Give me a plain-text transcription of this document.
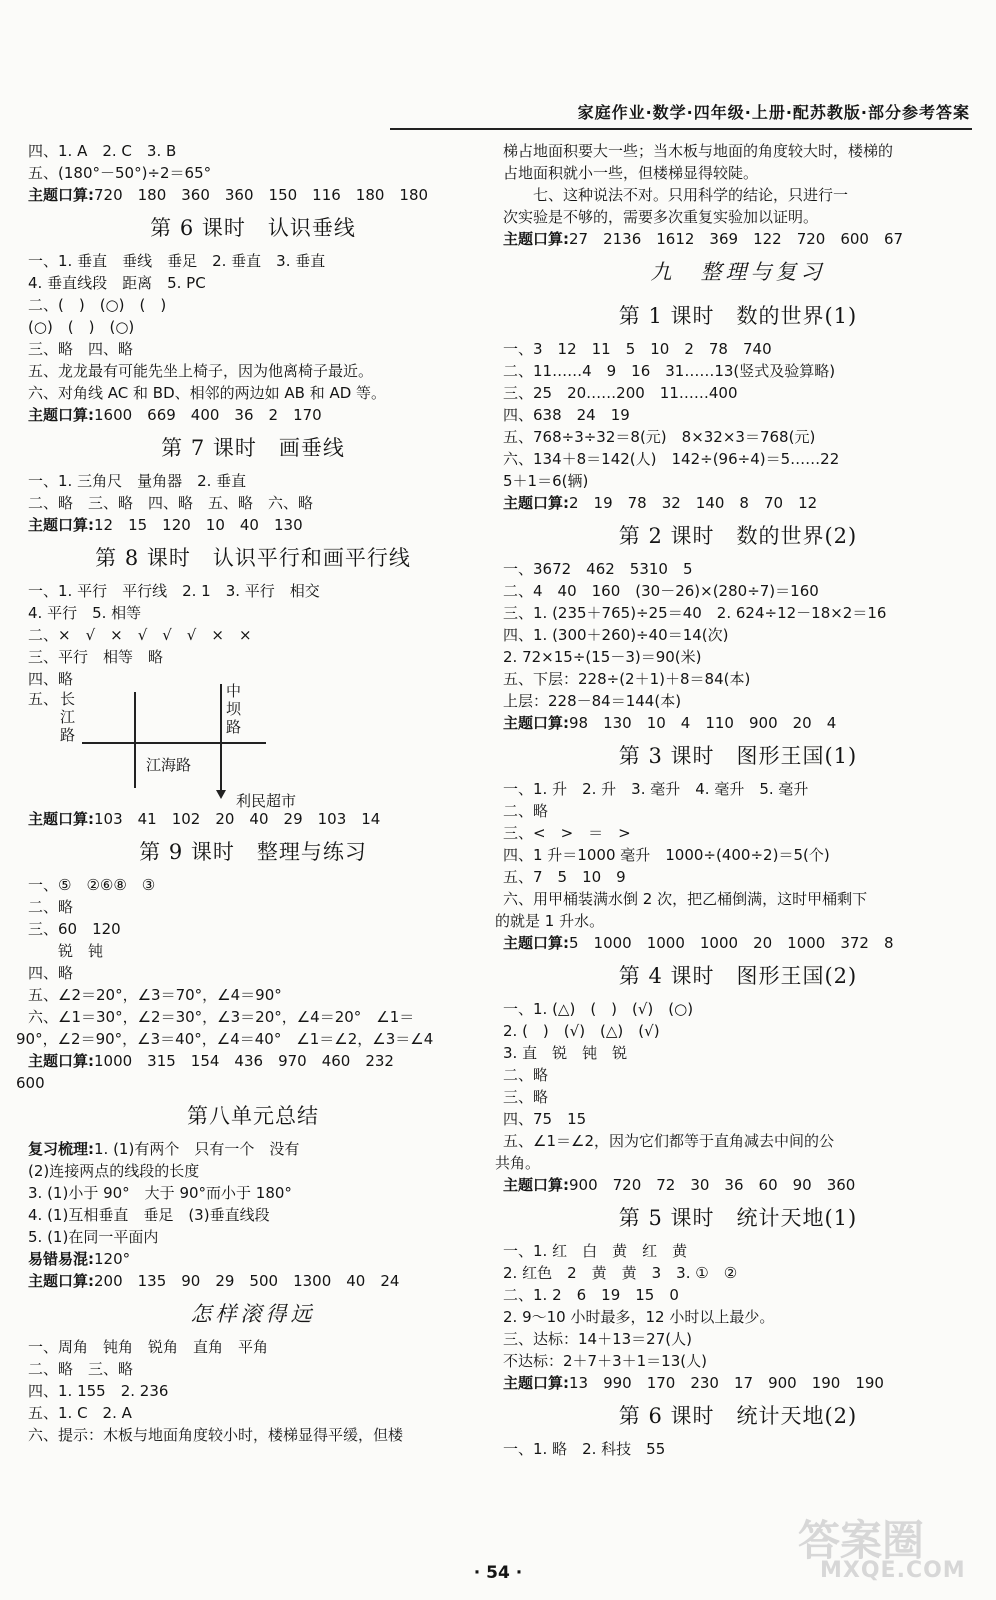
家庭作业·数学·四年级·上册·配苏教版·部分参考答案
四、1. A　2. C　3. B
五、(180°－50°)÷2＝65°
主题口算:720　180　360　360　150　116　180　180
第 6 课时　认识垂线
一、1. 垂直　垂线　垂足　2. 垂直　3. 垂直
4. 垂直线段　距离　5. PC
二、(　)　(○)　(　)
(○)　(　)　(○)
三、略　四、略
五、龙龙最有可能先坐上椅子，因为他离椅子最近。
六、对角线 AC 和 BD、相邻的两边如 AB 和 AD 等。
主题口算:1600　669　400　36　2　170
第 7 课时　画垂线
一、1. 三角尺　量角器　2. 垂直
二、略　三、略　四、略　五、略　六、略
主题口算:12　15　120　10　40　130
第 8 课时　认识平行和画平行线
一、1. 平行　平行线　2. 1　3. 平行　相交
4. 平行　5. 相等
二、×　√　×　√　√　√　×　×
三、平行　相等　略
四、略
五、 长江路
中坝路
江海路
利民超市
主题口算:103　41　102　20　40　29　103　14
第 9 课时　整理与练习
一、⑤　②⑥⑧　③
二、略
三、60　120
　　锐　钝
四、略
五、∠2＝20°，∠3＝70°，∠4＝90°
六、∠1＝30°，∠2＝30°，∠3＝20°，∠4＝20°　∠1＝
90°，∠2＝90°，∠3＝40°，∠4＝40°　∠1＝∠2，∠3＝∠4
主题口算:1000　315　154　436　970　460　232
600
第八单元总结
复习梳理:1. (1)有两个　只有一个　没有
(2)连接两点的线段的长度
3. (1)小于 90°　大于 90°而小于 180°
4. (1)互相垂直　垂足　(3)垂直线段
5. (1)在同一平面内
易错易混:120°
主题口算:200　135　90　29　500　1300　40　24
怎样滚得远
一、周角　钝角　锐角　直角　平角
二、略　三、略
四、1. 155　2. 236
五、1. C　2. A
六、提示：木板与地面角度较小时，楼梯显得平缓，但楼
梯占地面积要大一些；当木板与地面的角度较大时，楼梯的
占地面积就小一些，但楼梯显得较陡。
　　七、这种说法不对。只用科学的结论，只进行一
次实验是不够的，需要多次重复实验加以证明。
主题口算:27　2136　1612　369　122　720　600　67
九　整理与复习
第 1 课时　数的世界(1)
一、3　12　11　5　10　2　78　740
二、11……4　9　16　31……13(竖式及验算略)
三、25　20……200　11……400
四、638　24　19
五、768÷3÷32＝8(元)　8×32×3＝768(元)
六、134＋8＝142(人)　142÷(96÷4)＝5……22
5＋1＝6(辆)
主题口算:2　19　78　32　140　8　70　12
第 2 课时　数的世界(2)
一、3672　462　5310　5
二、4　40　160　(30－26)×(280÷7)＝160
三、1. (235＋765)÷25＝40　2. 624÷12－18×2＝16
四、1. (300＋260)÷40＝14(次)
2. 72×15÷(15－3)＝90(米)
五、下层：228÷(2＋1)＋8＝84(本)
上层：228－84＝144(本)
主题口算:98　130　10　4　110　900　20　4
第 3 课时　图形王国(1)
一、1. 升　2. 升　3. 毫升　4. 毫升　5. 毫升
二、略
三、<　>　＝　>
四、1 升＝1000 毫升　1000÷(400÷2)＝5(个)
五、7　5　10　9
六、用甲桶装满水倒 2 次，把乙桶倒满，这时甲桶剩下
的就是 1 升水。
主题口算:5　1000　1000　1000　20　1000　372　8
第 4 课时　图形王国(2)
一、1. (△)　(　)　(√)　(○)
2. (　)　(√)　(△)　(√)
3. 直　锐　钝　锐
二、略
三、略
四、75　15
五、∠1＝∠2，因为它们都等于直角减去中间的公
共角。
主题口算:900　720　72　30　36　60　90　360
第 5 课时　统计天地(1)
一、1. 红　白　黄　红　黄
2. 红色　2　黄　黄　3　3. ①　②
二、1. 2　6　19　15　0
2. 9～10 小时最多，12 小时以上最少。
三、达标：14＋13＝27(人)
不达标：2＋7＋3＋1＝13(人)
主题口算:13　990　170　230　17　900　190　190
第 6 课时　统计天地(2)
一、1. 略　2. 科技　55
· 54 ·
答案圈
MXQE.COM
